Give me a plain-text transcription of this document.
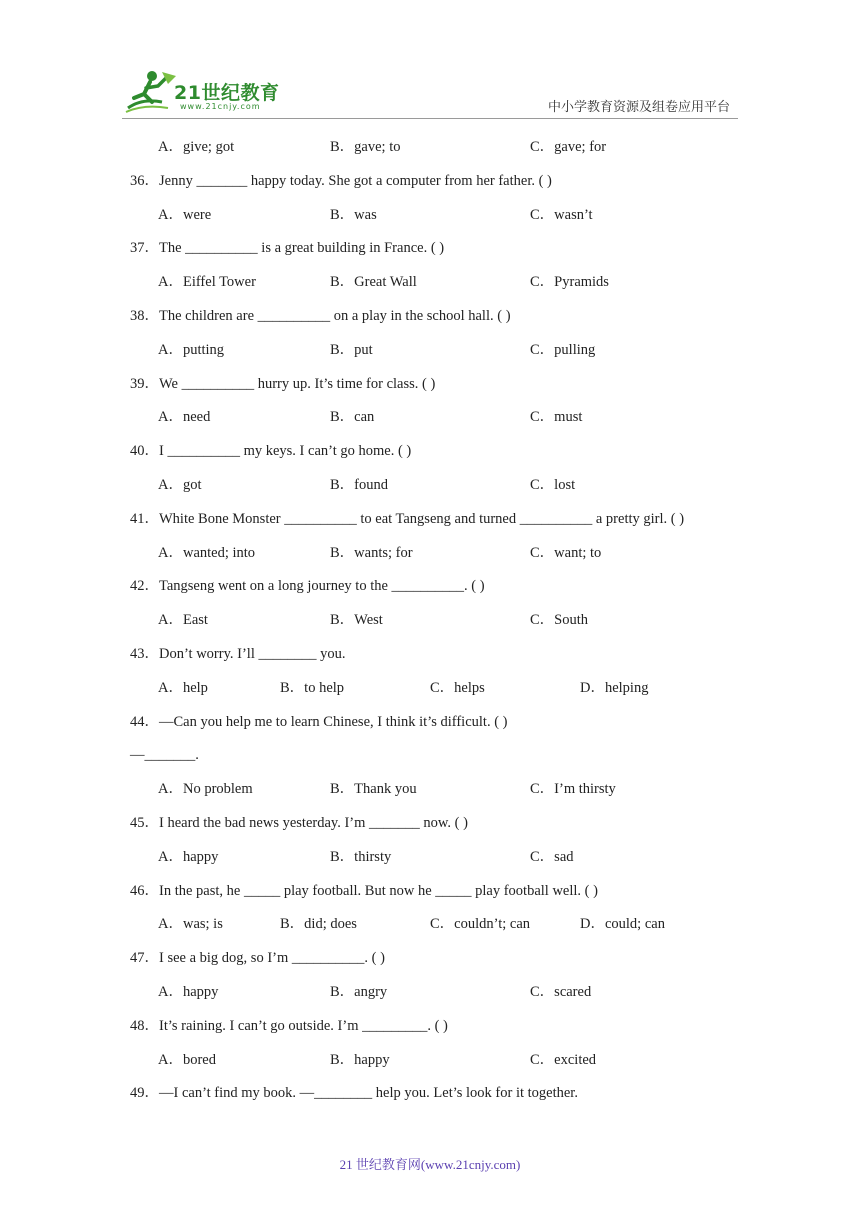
21世纪教育
www.21cnjy.com	中小学教育资源及组卷应用平台
A．give; got	B．gave; to	C．gave; for
36．Jenny _______ happy today. She got a computer from her father. ( )
A．were	B．was	C．wasn’t
37．The __________ is a great building in France. ( )
A．Eiffel Tower	B．Great Wall	C．Pyramids
38．The children are __________ on a play in the school hall. ( )
A．putting	B．put	C．pulling
39．We __________ hurry up. It’s time for class. ( )
A．need	B．can	C．must
40．I __________ my keys. I can’t go home. ( )
A．got	B．found	C．lost
41．White Bone Monster __________ to eat Tangseng and turned __________ a pretty girl. ( )
A．wanted; into	B．wants; for	C．want; to
42．Tangseng went on a long journey to the __________. ( )
A．East	B．West	C．South
43．Don’t worry. I’ll ________ you.
A．help	B．to help	C．helps	D．helping
44．—Can you help me to learn Chinese, I think it’s difficult. ( )
—_______.
A．No problem	B．Thank you	C．I’m thirsty
45．I heard the bad news yesterday. I’m _______ now. ( )
A．happy	B．thirsty	C．sad
46．In the past, he _____ play football. But now he _____ play football well. ( )
A．was; is	B．did; does	C．couldn’t; can	D．could; can
47．I see a big dog, so I’m __________. ( )
A．happy	B．angry	C．scared
48．It’s raining. I can’t go outside. I’m _________. ( )
A．bored	B．happy	C．excited
49．—I can’t find my book. —________ help you. Let’s look for it together.
21 世纪教育网(www.21cnjy.com)
